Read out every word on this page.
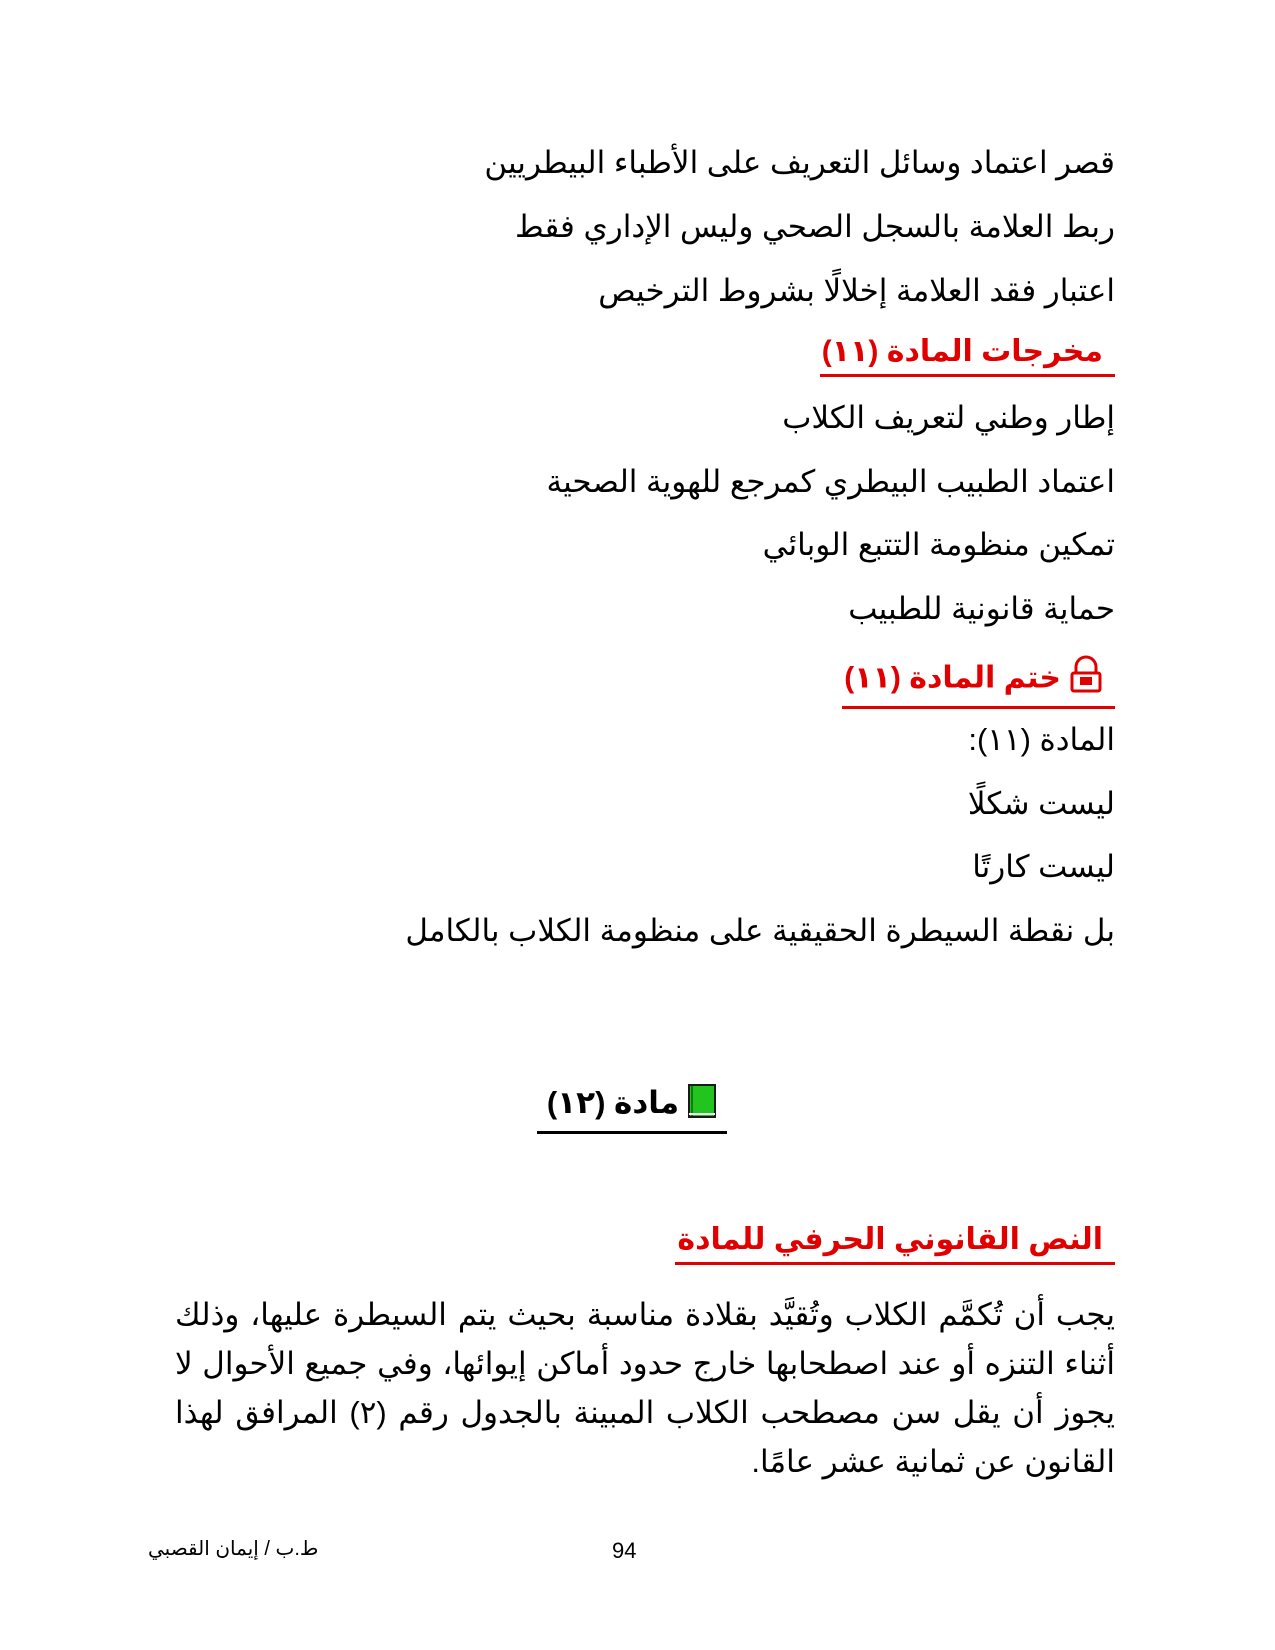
قصر اعتماد وسائل التعريف على الأطباء البيطريين
ربط العلامة بالسجل الصحي وليس الإداري فقط
اعتبار فقد العلامة إخلالًا بشروط الترخيص
مخرجات المادة (١١)
إطار وطني لتعريف الكلاب
اعتماد الطبيب البيطري كمرجع للهوية الصحية
تمكين منظومة التتبع الوبائي
حماية قانونية للطبيب
ختم المادة (١١)
المادة (١١):
ليست شكلًا
ليست كارتًا
بل نقطة السيطرة الحقيقية على منظومة الكلاب بالكامل
مادة (١٢)
النص القانوني الحرفي للمادة
يجب أن تُكمَّم الكلاب وتُقيَّد بقلادة مناسبة بحيث يتم السيطرة عليها، وذلك أثناء التنزه أو عند اصطحابها خارج حدود أماكن إيوائها، وفي جميع الأحوال لا يجوز أن يقل سن مصطحب الكلاب المبينة بالجدول رقم (٢) المرافق لهذا القانون عن ثمانية عشر عامًا.
94
ط.ب / إيمان القصبي
